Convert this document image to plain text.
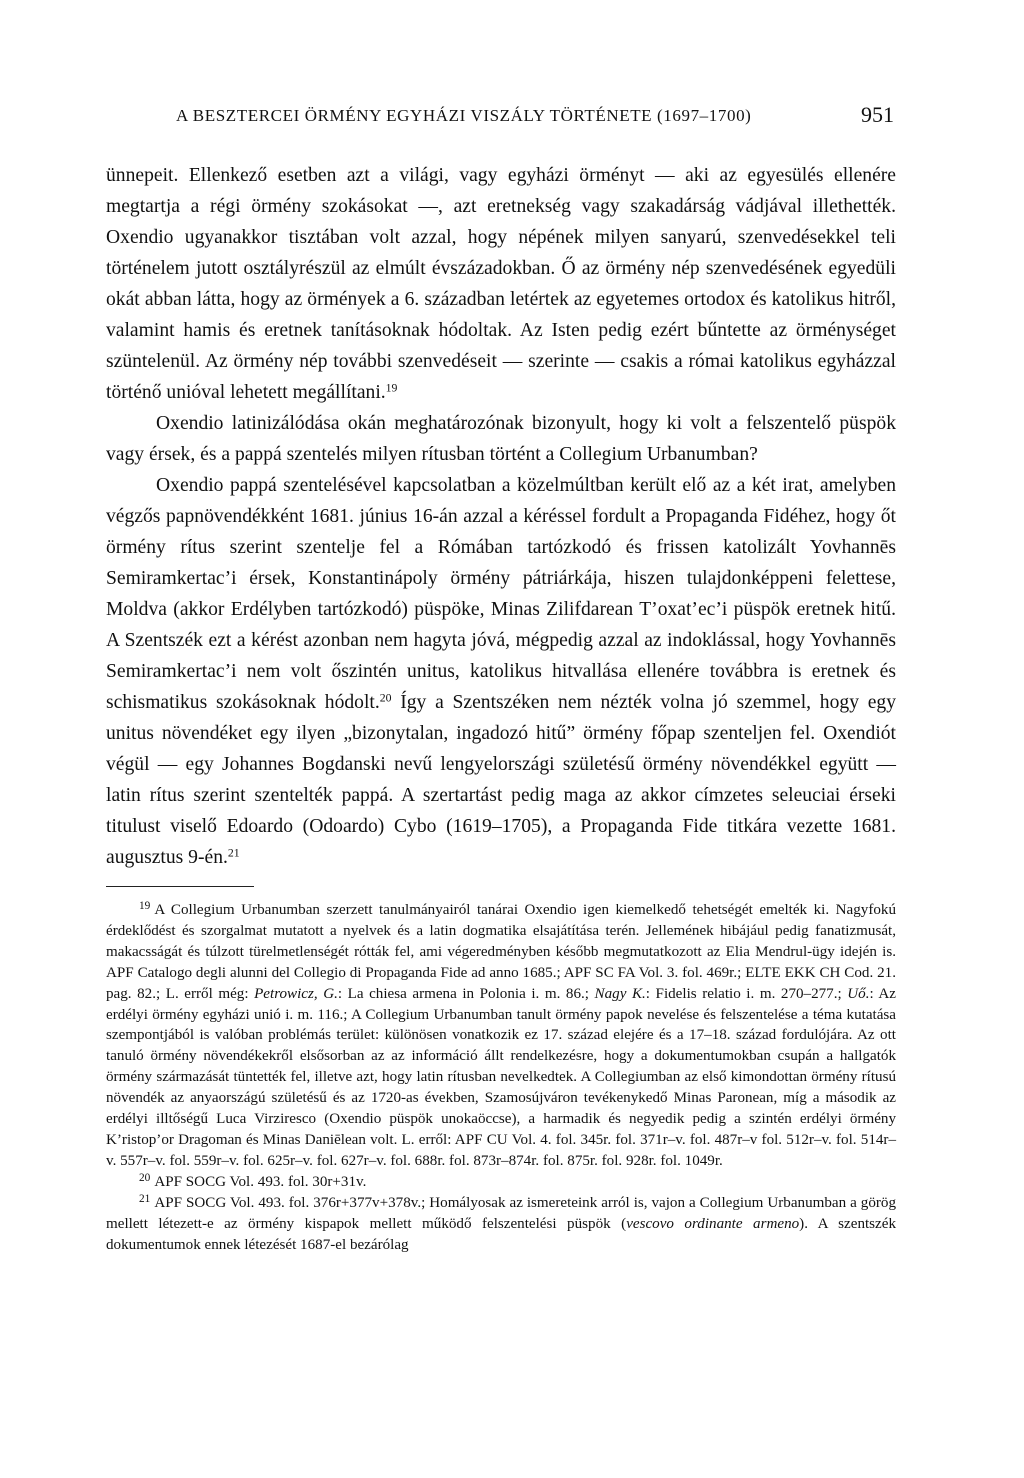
A BESZTERCEI ÖRMÉNY EGYHÁZI VISZÁLY TÖRTÉNETE (1697–1700)	951

ünnepeit. Ellenkező esetben azt a világi, vagy egyházi örményt — aki az egyesülés ellenére megtartja a régi örmény szokásokat —, azt eretnekség vagy szakadárság vádjával illethették. Oxendio ugyanakkor tisztában volt azzal, hogy népének milyen sanyarú, szenvedésekkel teli történelem jutott osztályrészül az elmúlt évszázadokban. Ő az örmény nép szenvedésének egyedüli okát abban látta, hogy az örmények a 6. században letértek az egyetemes ortodox és katolikus hitről, valamint hamis és eretnek tanításoknak hódoltak. Az Isten pedig ezért bűntette az örménységet szüntelenül. Az örmény nép további szenvedéseit — szerinte — csakis a római katolikus egyházzal történő unióval lehetett megállítani.$^{19}$

Oxendio latinizálódása okán meghatározónak bizonyult, hogy ki volt a felszentelő püspök vagy érsek, és a pappá szentelés milyen rítusban történt a Collegium Urbanumban?

Oxendio pappá szentelésével kapcsolatban a közelmúltban került elő az a két irat, amelyben végzős papnövendékként 1681. június 16-án azzal a kéréssel fordult a Propaganda Fidéhez, hogy őt örmény rítus szerint szentelje fel a Rómában tartózkodó és frissen katolizált Yovhannēs Semiramkertac’i érsek, Konstantinápoly örmény pátriárkája, hiszen tulajdonképpeni felettese, Moldva (akkor Erdélyben tartózkodó) püspöke, Minas Zilifdarean T’oxat’ec’i püspök eretnek hitű. A Szentszék ezt a kérést azonban nem hagyta jóvá, mégpedig azzal az indoklással, hogy Yovhannēs Semiramkertac’i nem volt őszintén unitus, katolikus hitvallása ellenére továbbra is eretnek és schismatikus szokásoknak hódolt.$^{20}$ Így a Szentszéken nem nézték volna jó szemmel, hogy egy unitus növendéket egy ilyen „bizonytalan, ingadozó hitű” örmény főpap szenteljen fel. Oxendiót végül — egy Johannes Bogdanski nevű lengyelországi születésű örmény növendékkel együtt — latin rítus szerint szentelték pappá. A szertartást pedig maga az akkor címzetes seleuciai érseki titulust viselő Edoardo (Odoardo) Cybo (1619–1705), a Propaganda Fide titkára vezette 1681. augusztus 9-én.$^{21}$

$^{19}$ A Collegium Urbanumban szerzett tanulmányairól tanárai Oxendio igen kiemelkedő tehetségét emelték ki. Nagyfokú érdeklődést és szorgalmat mutatott a nyelvek és a latin dogmatika elsajátítása terén. Jellemének hibájául pedig fanatizmusát, makacsságát és túlzott türelmetlenségét rótták fel, ami végeredményben később megmutatkozott az Elia Mendrul-ügy idején is. APF Catalogo degli alunni del Collegio di Propaganda Fide ad anno 1685.; APF SC FA Vol. 3. fol. 469r.; ELTE EKK CH Cod. 21. pag. 82.; L. erről még: Petrowicz, G.: La chiesa armena in Polonia i. m. 86.; Nagy K.: Fidelis relatio i. m. 270–277.; Uő.: Az erdélyi örmény egyházi unió i. m. 116.; A Collegium Urbanumban tanult örmény papok nevelése és felszentelése a téma kutatása szempontjából is valóban problémás terület: különösen vonatkozik ez 17. század elejére és a 17–18. század fordulójára. Az ott tanuló örmény növendékekről elsősorban az az információ állt rendelkezésre, hogy a dokumentumokban csupán a hallgatók örmény származását tüntették fel, illetve azt, hogy latin rítusban nevelkedtek. A Collegiumban az első kimondottan örmény rítusú növendék az anyaországú születésű és az 1720-as években, Szamosújváron tevékenykedő Minas Paronean, míg a második az erdélyi illtőségű Luca Virziresco (Oxendio püspök unokaöccse), a harmadik és negyedik pedig a szintén erdélyi örmény K’ristop’or Dragoman és Minas Daniēlean volt. L. erről: APF CU Vol. 4. fol. 345r. fol. 371r–v. fol. 487r–v fol. 512r–v. fol. 514r–v. 557r–v. fol. 559r–v. fol. 625r–v. fol. 627r–v. fol. 688r. fol. 873r–874r. fol. 875r. fol. 928r. fol. 1049r.

$^{20}$ APF SOCG Vol. 493. fol. 30r+31v.

$^{21}$ APF SOCG Vol. 493. fol. 376r+377v+378v.; Homályosak az ismereteink arról is, vajon a Collegium Urbanumban a görög mellett létezett-e az örmény kispapok mellett működő felszentelési püspök (vescovo ordinante armeno). A szentszék dokumentumok ennek létezését 1687-el bezárólag
